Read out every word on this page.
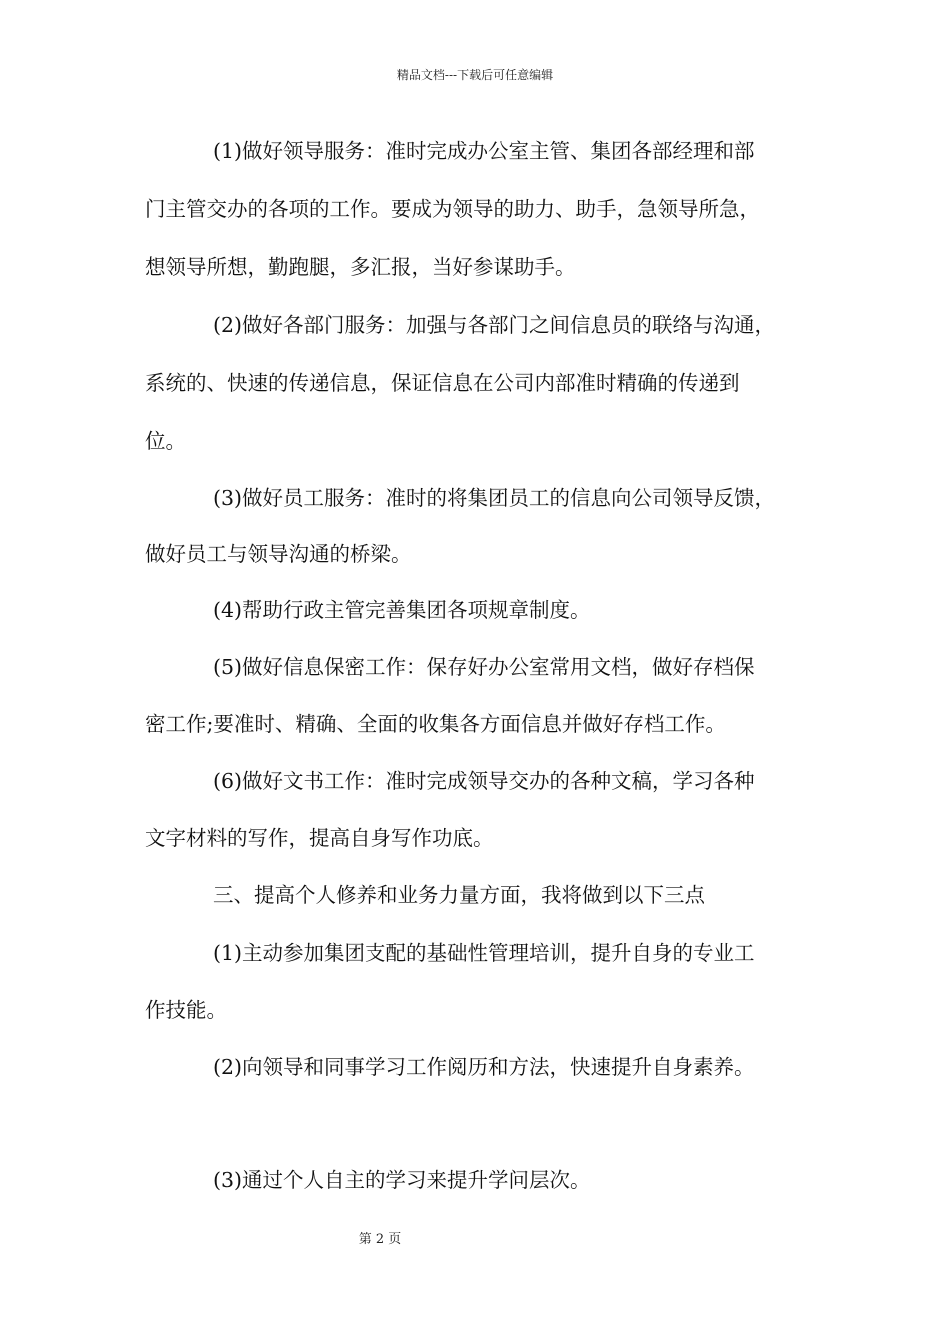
精品文档---下载后可任意编辑
(1)做好领导服务：准时完成办公室主管、集团各部经理和部
门主管交办的各项的工作。要成为领导的助力、助手，急领导所急，
想领导所想，勤跑腿，多汇报，当好参谋助手。
(2)做好各部门服务：加强与各部门之间信息员的联络与沟通，
系统的、快速的传递信息，保证信息在公司内部准时精确的传递到
位。
(3)做好员工服务：准时的将集团员工的信息向公司领导反馈，
做好员工与领导沟通的桥梁。
(4)帮助行政主管完善集团各项规章制度。
(5)做好信息保密工作：保存好办公室常用文档，做好存档保
密工作;要准时、精确、全面的收集各方面信息并做好存档工作。
(6)做好文书工作：准时完成领导交办的各种文稿，学习各种
文字材料的写作，提高自身写作功底。
三、提高个人修养和业务力量方面，我将做到以下三点
(1)主动参加集团支配的基础性管理培训，提升自身的专业工
作技能。
(2)向领导和同事学习工作阅历和方法，快速提升自身素养。
(3)通过个人自主的学习来提升学问层次。
第 2 页
